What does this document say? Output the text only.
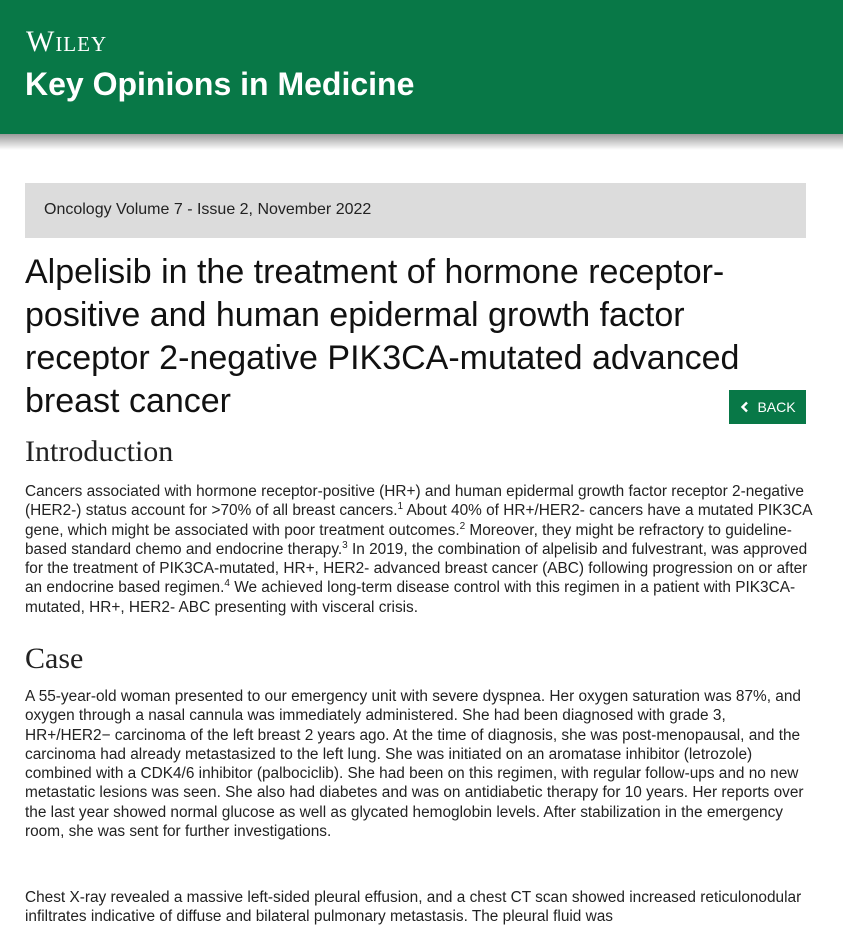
Wiley
Key Opinions in Medicine
Oncology Volume 7 - Issue 2, November 2022
Alpelisib in the treatment of hormone receptor-positive and human epidermal growth factor receptor 2-negative PIK3CA-mutated advanced breast cancer	BACK
Introduction

Cancers associated with hormone receptor-positive (HR+) and human epidermal growth factor receptor 2-negative (HER2-) status account for >70% of all breast cancers.$^1$ About 40% of HR+/HER2- cancers have a mutated PIK3CA gene, which might be associated with poor treatment outcomes.$^2$ Moreover, they might be refractory to guideline-based standard chemo and endocrine therapy.$^3$ In 2019, the combination of alpelisib and fulvestrant, was approved for the treatment of PIK3CA-mutated, HR+, HER2- advanced breast cancer (ABC) following progression on or after an endocrine based regimen.$^4$ We achieved long-term disease control with this regimen in a patient with PIK3CA-mutated, HR+, HER2- ABC presenting with visceral crisis.

Case

A 55-year-old woman presented to our emergency unit with severe dyspnea. Her oxygen saturation was 87%, and oxygen through a nasal cannula was immediately administered. She had been diagnosed with grade 3, HR+/HER2− carcinoma of the left breast 2 years ago. At the time of diagnosis, she was post-menopausal, and the carcinoma had already metastasized to the left lung. She was initiated on an aromatase inhibitor (letrozole) combined with a CDK4/6 inhibitor (palbociclib). She had been on this regimen, with regular follow-ups and no new metastatic lesions was seen. She also had diabetes and was on antidiabetic therapy for 10 years. Her reports over the last year showed normal glucose as well as glycated hemoglobin levels. After stabilization in the emergency room, she was sent for further investigations.

Chest X-ray revealed a massive left-sided pleural effusion, and a chest CT scan showed increased reticulonodular infiltrates indicative of diffuse and bilateral pulmonary metastasis. The pleural fluid was
